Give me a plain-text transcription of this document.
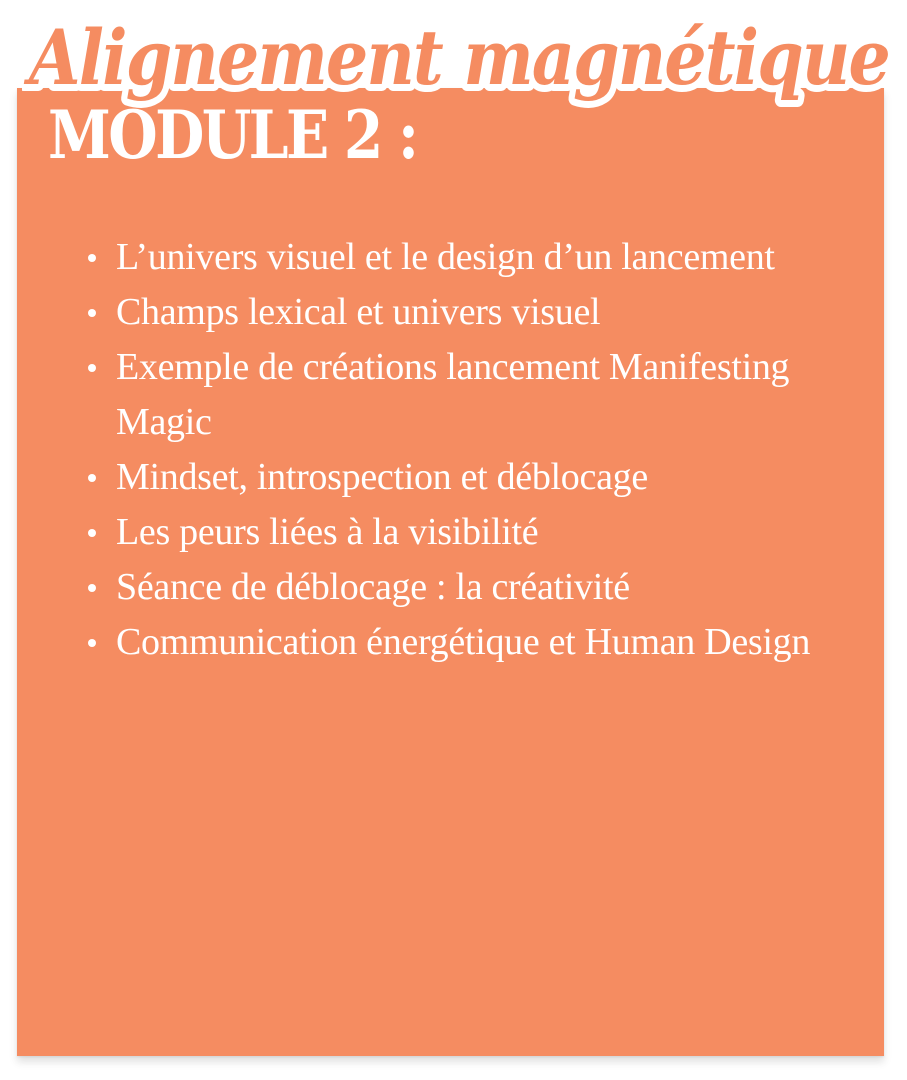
Alignement magnétique
Alignement magnétique
MODULE 2 :
L’univers visuel et le design d’un lancement
Champs lexical et univers visuel
Exemple de créations lancement Manifesting Magic
Mindset, introspection et déblocage
Les peurs liées à la visibilité
Séance de déblocage : la créativité
Communication énergétique et Human Design
